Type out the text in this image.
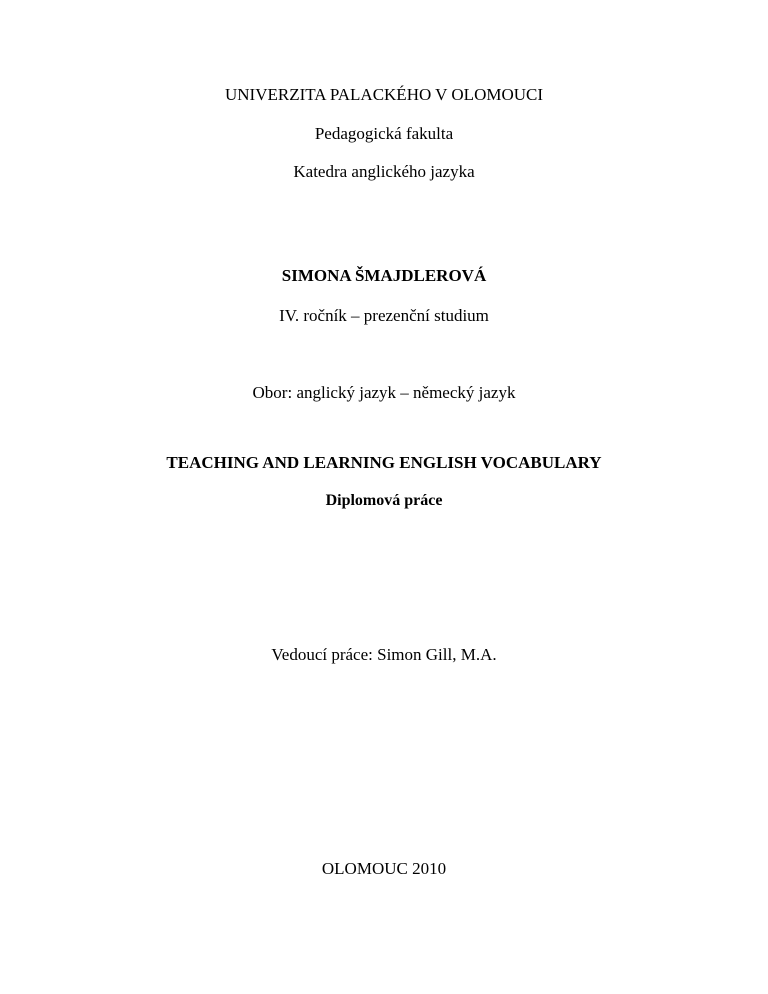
UNIVERZITA PALACKÉHO V OLOMOUCI
Pedagogická fakulta
Katedra anglického jazyka
SIMONA ŠMAJDLEROVÁ
IV. ročník – prezenční studium
Obor: anglický jazyk – německý jazyk
TEACHING AND LEARNING ENGLISH VOCABULARY
Diplomová práce
Vedoucí práce: Simon Gill, M.A.
OLOMOUC 2010
